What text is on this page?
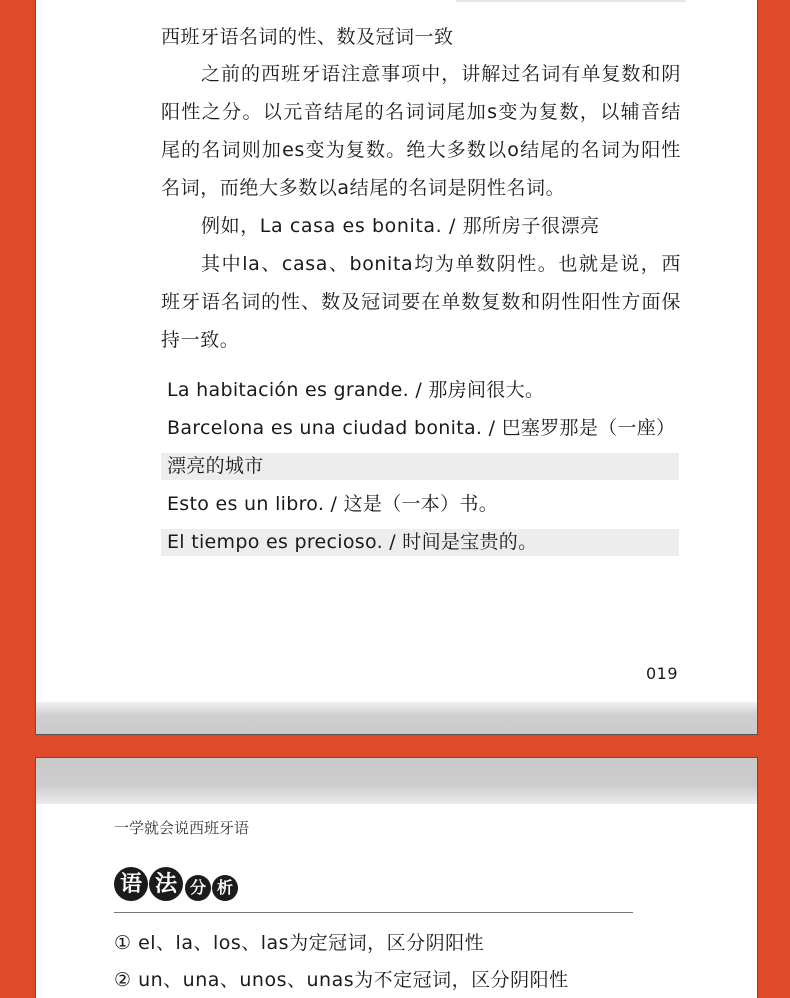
西班牙语名词的性、数及冠词一致
之前的西班牙语注意事项中，讲解过名词有单复数和阴阳性之分。以元音结尾的名词词尾加s变为复数，以辅音结尾的名词则加es变为复数。绝大多数以o结尾的名词为阳性名词，而绝大多数以a结尾的名词是阴性名词。
例如，La casa es bonita. / 那所房子很漂亮
其中la、casa、bonita均为单数阴性。也就是说，西班牙语名词的性、数及冠词要在单数复数和阴性阳性方面保持一致。
La habitación es grande. / 那房间很大。
Barcelona es una ciudad bonita. / 巴塞罗那是（一座）
漂亮的城市
Esto es un libro. / 这是（一本）书。
El tiempo es precioso. / 时间是宝贵的。
019
一学就会说西班牙语
语 法 分 析
① el、la、los、las为定冠词，区分阴阳性
② un、una、unos、unas为不定冠词，区分阴阳性
